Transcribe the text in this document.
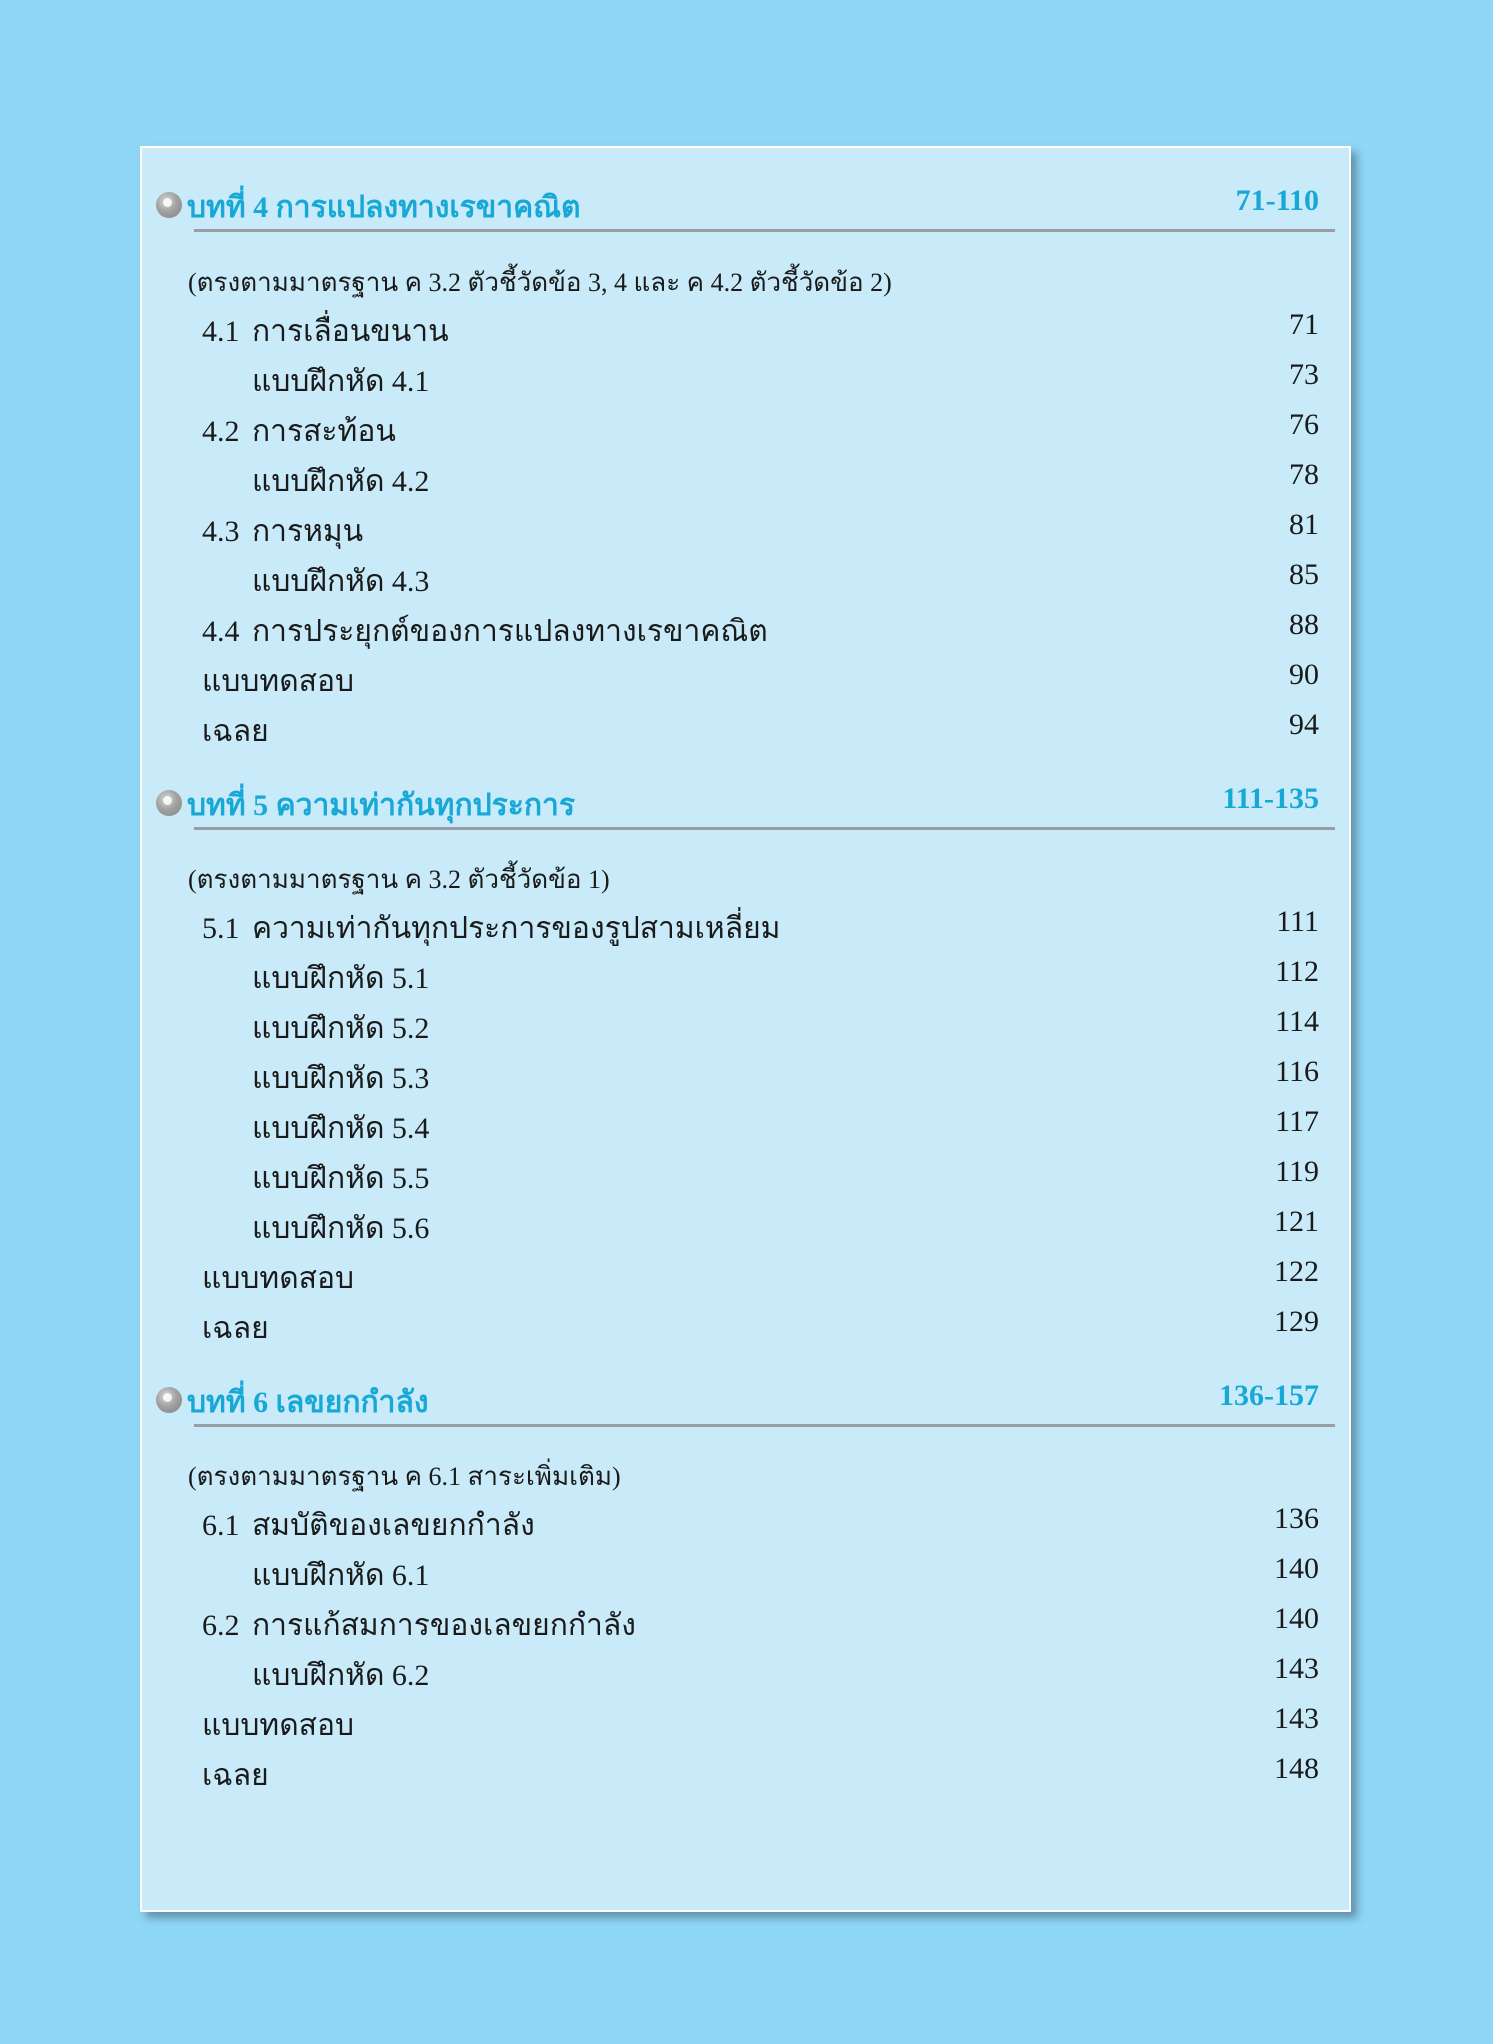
บทที่ 4 การแปลงทางเรขาคณิต	71-110
(ตรงตามมาตรฐาน ค 3.2 ตัวชี้วัดข้อ 3, 4 และ ค 4.2 ตัวชี้วัดข้อ 2)
4.1 การเลื่อนขนาน	71
แบบฝึกหัด 4.1	73
4.2 การสะท้อน	76
แบบฝึกหัด 4.2	78
4.3 การหมุน	81
แบบฝึกหัด 4.3	85
4.4 การประยุกต์ของการแปลงทางเรขาคณิต	88
แบบทดสอบ	90
เฉลย	94
บทที่ 5 ความเท่ากันทุกประการ	111-135
(ตรงตามมาตรฐาน ค 3.2 ตัวชี้วัดข้อ 1)
5.1 ความเท่ากันทุกประการของรูปสามเหลี่ยม	111
แบบฝึกหัด 5.1	112
แบบฝึกหัด 5.2	114
แบบฝึกหัด 5.3	116
แบบฝึกหัด 5.4	117
แบบฝึกหัด 5.5	119
แบบฝึกหัด 5.6	121
แบบทดสอบ	122
เฉลย	129
บทที่ 6 เลขยกกำลัง	136-157
(ตรงตามมาตรฐาน ค 6.1 สาระเพิ่มเติม)
6.1 สมบัติของเลขยกกำลัง	136
แบบฝึกหัด 6.1	140
6.2 การแก้สมการของเลขยกกำลัง	140
แบบฝึกหัด 6.2	143
แบบทดสอบ	143
เฉลย	148
